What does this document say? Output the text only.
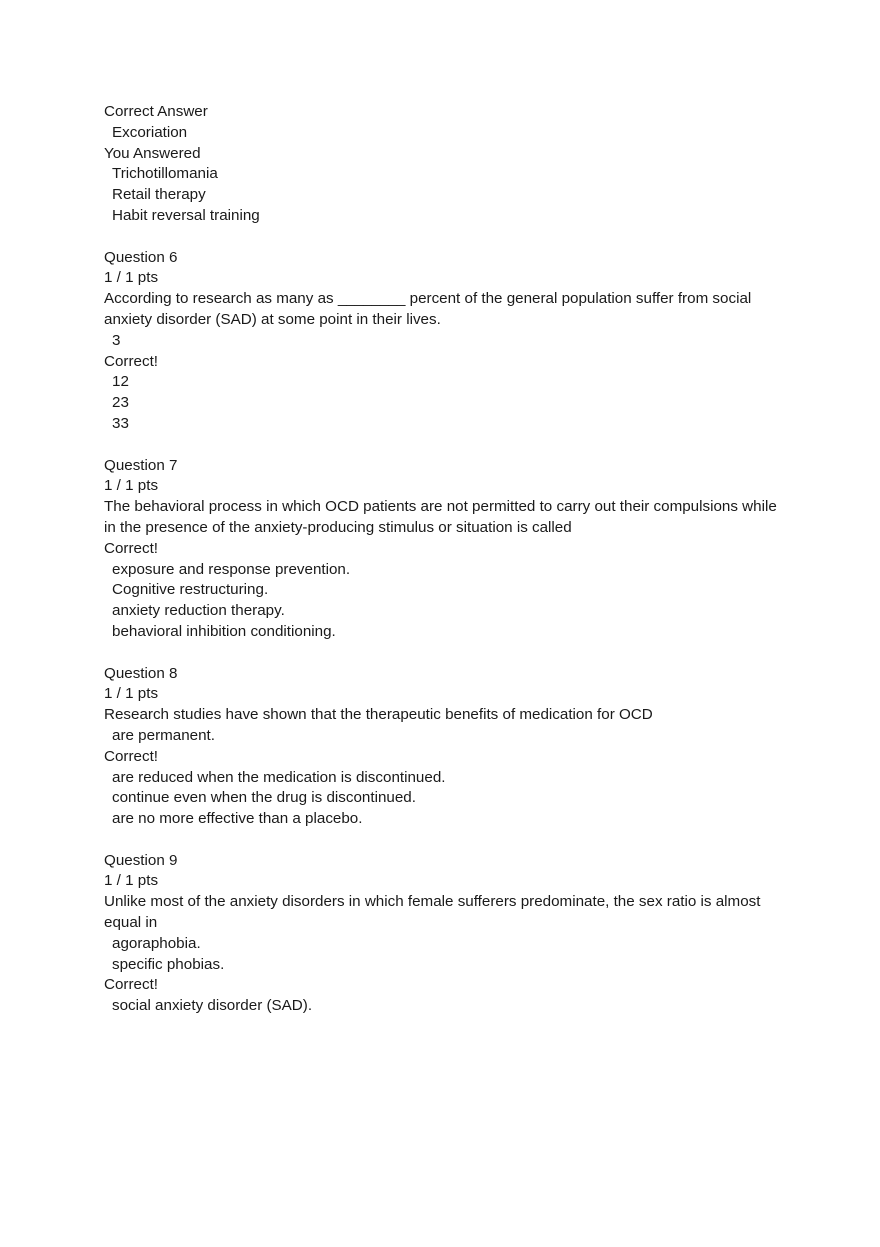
Correct Answer
Excoriation
You Answered
Trichotillomania
Retail therapy
Habit reversal training
Question 6
1 / 1 pts
According to research as many as ________ percent of the general population suffer from social anxiety disorder (SAD) at some point in their lives.
3
Correct!
12
23
33
Question 7
1 / 1 pts
The behavioral process in which OCD patients are not permitted to carry out their compulsions while in the presence of the anxiety-producing stimulus or situation is called
Correct!
exposure and response prevention.
Cognitive restructuring.
anxiety reduction therapy.
behavioral inhibition conditioning.
Question 8
1 / 1 pts
Research studies have shown that the therapeutic benefits of medication for OCD
are permanent.
Correct!
are reduced when the medication is discontinued.
continue even when the drug is discontinued.
are no more effective than a placebo.
Question 9
1 / 1 pts
Unlike most of the anxiety disorders in which female sufferers predominate, the sex ratio is almost equal in
agoraphobia.
specific phobias.
Correct!
social anxiety disorder (SAD).
